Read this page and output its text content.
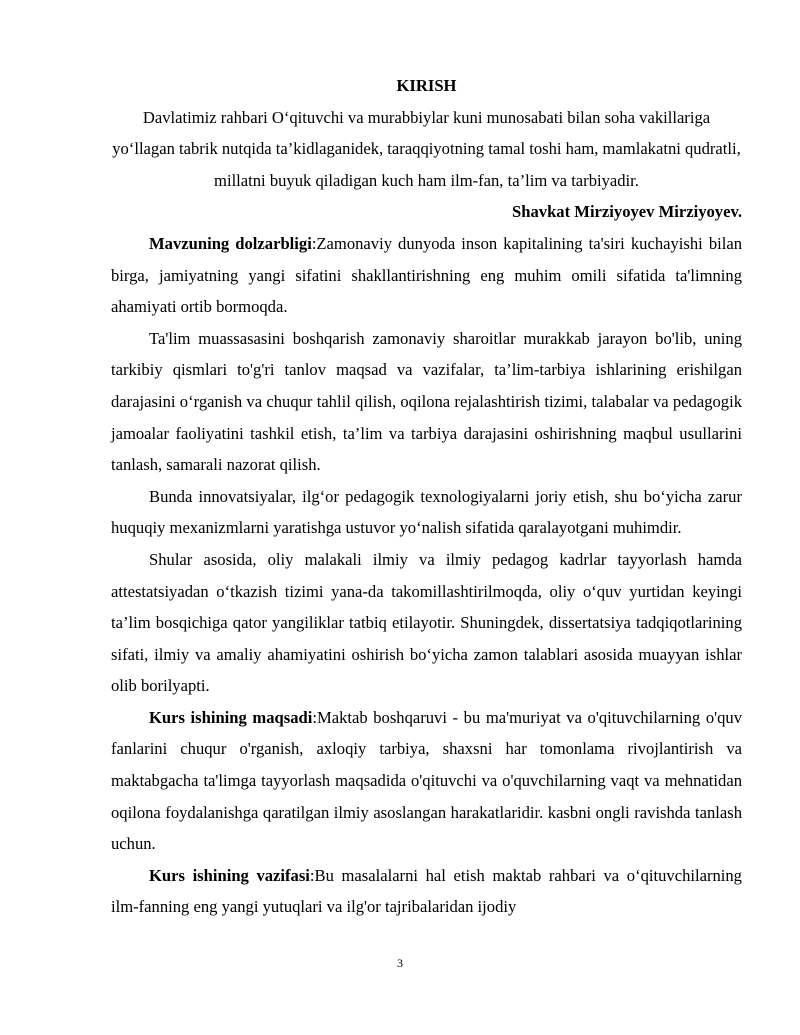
KIRISH

Davlatimiz rahbari O‘qituvchi va murabbiylar kuni munosabati bilan soha vakillariga yo‘llagan tabrik nutqida ta’kidlaganidek, taraqqiyotning tamal toshi ham, mamlakatni qudratli, millatni buyuk qiladigan kuch ham ilm-fan, ta’lim va tarbiyadir.

Shavkat Mirziyoyev Mirziyoyev.

Mavzuning dolzarbligi:Zamonaviy dunyoda inson kapitalining ta'siri kuchayishi bilan birga, jamiyatning yangi sifatini shakllantirishning eng muhim omili sifatida ta'limning ahamiyati ortib bormoqda.

Ta'lim muassasasini boshqarish zamonaviy sharoitlar murakkab jarayon bo'lib, uning tarkibiy qismlari to'g'ri tanlov maqsad va vazifalar, ta’lim-tarbiya ishlarining erishilgan darajasini o‘rganish va chuqur tahlil qilish, oqilona rejalashtirish tizimi, talabalar va pedagogik jamoalar faoliyatini tashkil etish, ta’lim va tarbiya darajasini oshirishning maqbul usullarini tanlash, samarali nazorat qilish.

Bunda innovatsiyalar, ilg‘or pedagogik texnologiyalarni joriy etish, shu bo‘yicha zarur huquqiy mexanizmlarni yaratishga ustuvor yo‘nalish sifatida qaralayotgani muhimdir.

Shular asosida, oliy malakali ilmiy va ilmiy pedagog kadrlar tayyorlash hamda attestatsiyadan o‘tkazish tizimi yana-da takomillashtirilmoqda, oliy o‘quv yurtidan keyingi ta’lim bosqichiga qator yangiliklar tatbiq etilayotir. Shuningdek, dissertatsiya tadqiqotlarining sifati, ilmiy va amaliy ahamiyatini oshirish bo‘yicha zamon talablari asosida muayyan ishlar olib borilyapti.

Kurs ishining maqsadi:Maktab boshqaruvi - bu ma'muriyat va o'qituvchilarning o'quv fanlarini chuqur o'rganish, axloqiy tarbiya, shaxsni har tomonlama rivojlantirish va maktabgacha ta'limga tayyorlash maqsadida o'qituvchi va o'quvchilarning vaqt va mehnatidan oqilona foydalanishga qaratilgan ilmiy asoslangan harakatlaridir. kasbni ongli ravishda tanlash uchun.

Kurs ishining vazifasi:Bu masalalarni hal etish maktab rahbari va o‘qituvchilarning ilm-fanning eng yangi yutuqlari va ilg'or tajribalaridan ijodiy

3
